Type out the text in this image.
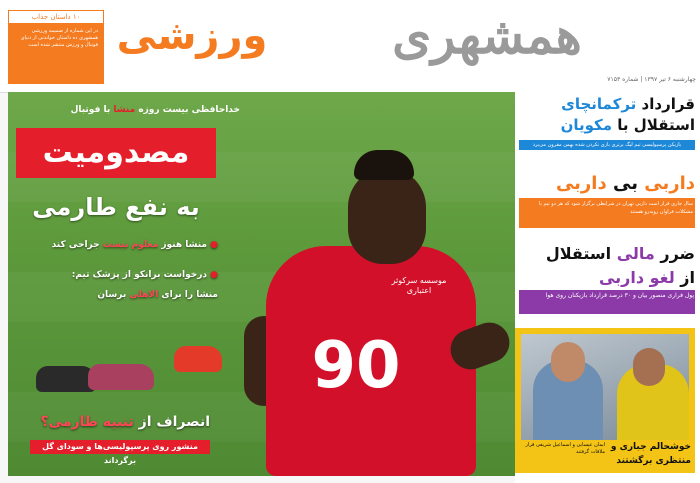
۱۰ داستان جذاب
در این شماره از ضمیمه ورزشی همشهری ده داستان خواندنی از دنیای فوتبال و ورزش منتشر شده است ورزشی	همشهری
چهارشنبه ۶ تیر ۱۳۹۷ | شماره ۷۱۵۳
موسسه سرکوثر اعتباری
90
خداحافظی بیست روزه منشا با فوتبال
مصدومیت
به نفع طارمی
● منشا هنوز معلوم نیست جراحی کند
● درخواست برانکو از پزشک تیم:
منشا را برای الاهلی برسان
انصراف از تنبیه طارمی؟
منشور روی پرسپولیسی‌ها و سودای گل برگرداند
قرارداد ترکمانچای
استقلال با مکویان
بازیکن پرسپولیسی تیم لیگ برتری بازی نکردن شده بهمن مقرون می‌برد
داربی بی داربی
سال جاری قرار است داربی تهران در شرایطی برگزار شود که هر دو تیم با مشکلات فراوان روبه‌رو هستند
ضرر مالی استقلال
از لغو داربی
پول فراری منصور بیان و ۳۰ درصد قرارداد بازیکنان روی هوا
ایمان عیسایی و اسماعیل شریفی قرار ملاقات گرفتند خوشحالم جباری و
منتظری برگشتند
